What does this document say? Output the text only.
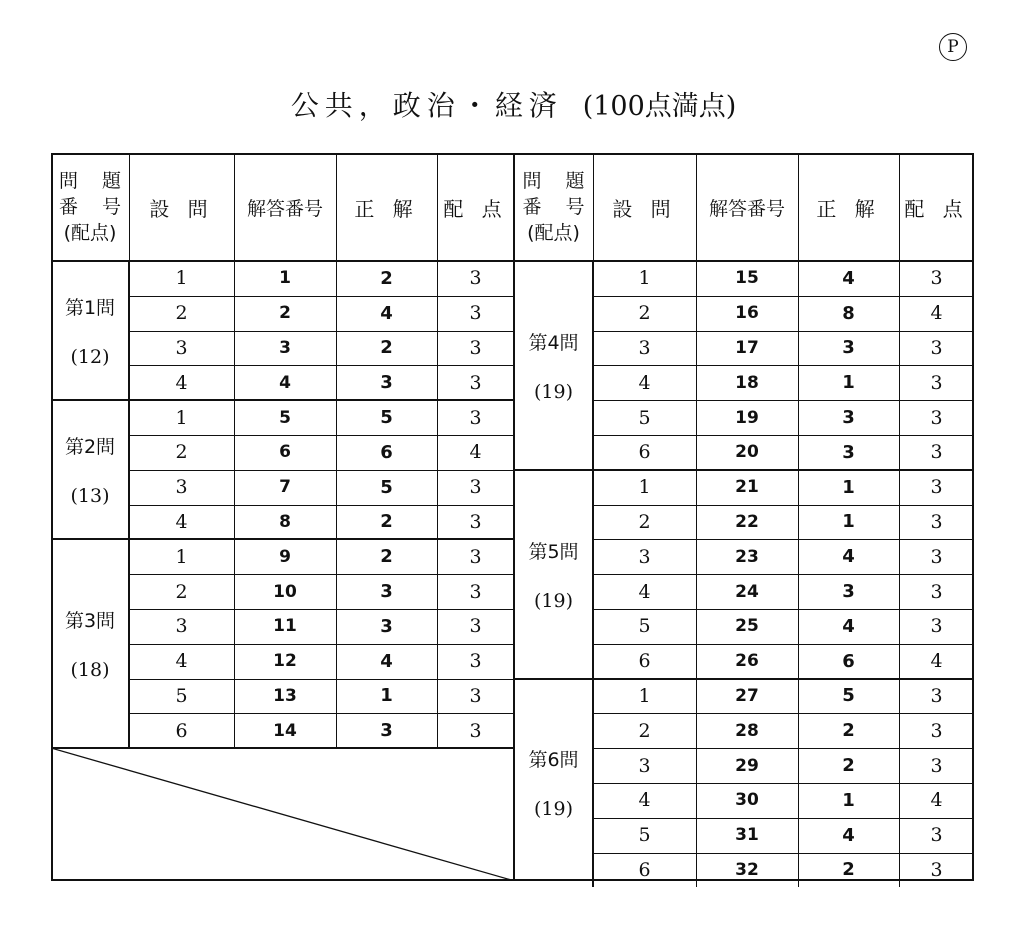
P
公共，政治・経済 (100点満点)
問 題
番 号
(配点)
設 問	解答番号	正 解	配 点
問 題
番 号
(配点)
設 問	解答番号	正 解	配 点
第1問
(12)
1	1	2	3
2	2	4	3
3	3	2	3
4	4	3	3
第2問
(13)
1	5	5	3
2	6	6	4
3	7	5	3
4	8	2	3
第3問
(18)
1	9	2	3
2	10	3	3
3	11	3	3
4	12	4	3
5	13	1	3
6	14	3	3
第4問
(19)
1	15	4	3
2	16	8	4
3	17	3	3
4	18	1	3
5	19	3	3
6	20	3	3
第5問
(19)
1	21	1	3
2	22	1	3
3	23	4	3
4	24	3	3
5	25	4	3
6	26	6	4
第6問
(19)
1	27	5	3
2	28	2	3
3	29	2	3
4	30	1	4
5	31	4	3
6	32	2	3
